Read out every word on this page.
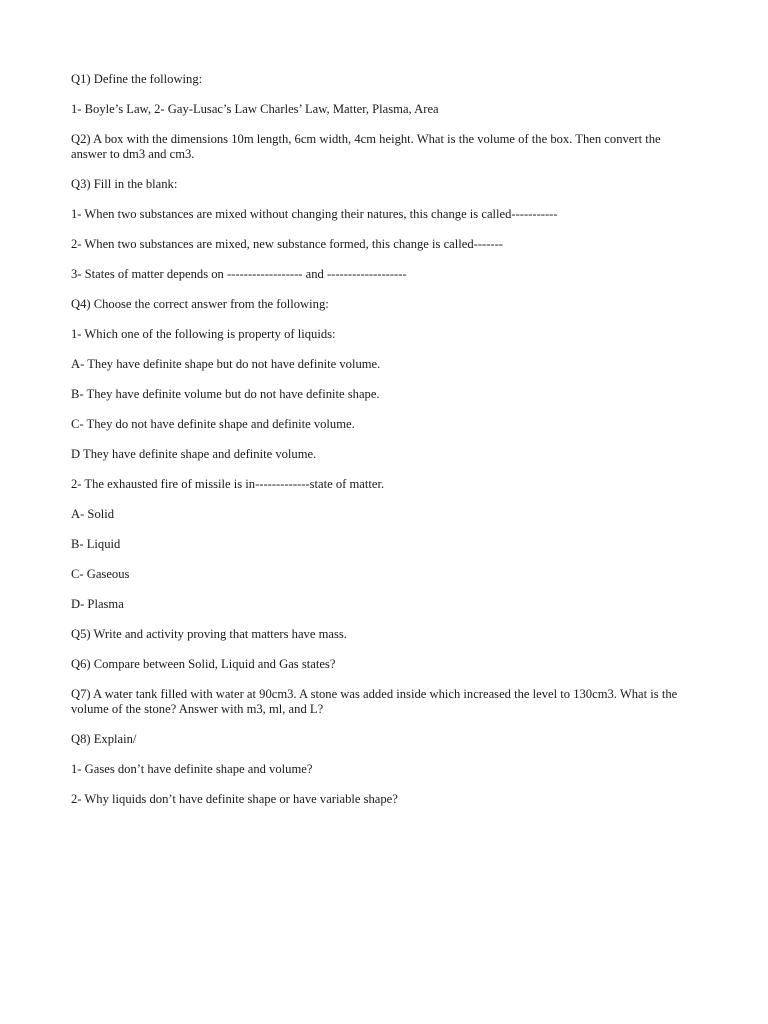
Q1) Define the following:

1- Boyle’s Law, 2- Gay-Lusac’s Law Charles’ Law, Matter, Plasma, Area

Q2) A box with the dimensions 10m length, 6cm width, 4cm height. What is the volume of the box. Then convert the answer to dm3 and cm3.

Q3) Fill in the blank:

1- When two substances are mixed without changing their natures, this change is called-----------

2- When two substances are mixed, new substance formed, this change is called-------

3- States of matter depends on ------------------ and -------------------

Q4) Choose the correct answer from the following:

1- Which one of the following is property of liquids:

A- They have definite shape but do not have definite volume.

B- They have definite volume but do not have definite shape.

C- They do not have definite shape and definite volume.

D They have definite shape and definite volume.

2- The exhausted fire of missile is in-------------state of matter.

A- Solid

B- Liquid

C- Gaseous

D- Plasma

Q5) Write and activity proving that matters have mass.

Q6) Compare between Solid, Liquid and Gas states?

Q7) A water tank filled with water at 90cm3. A stone was added inside which increased the level to 130cm3. What is the volume of the stone? Answer with m3, ml, and L?

Q8) Explain/

1- Gases don’t have definite shape and volume?

2- Why liquids don’t have definite shape or have variable shape?
